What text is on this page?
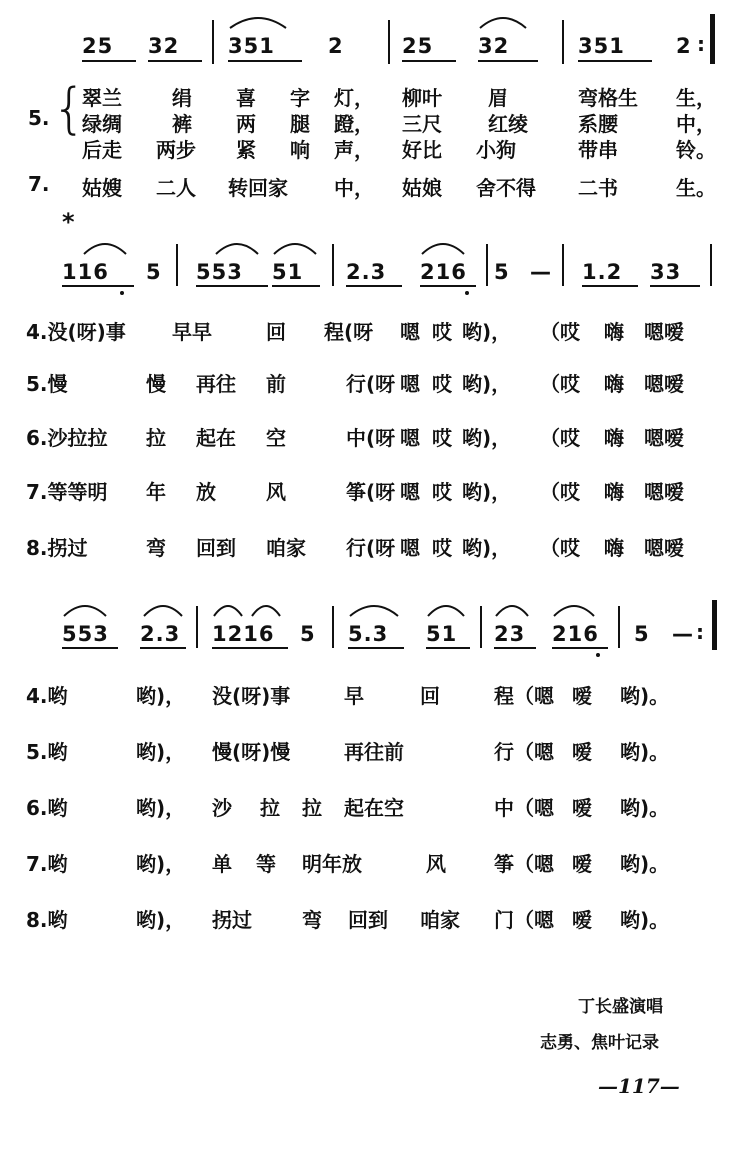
25 32 351	2	25 32	351 2 :
5. {
翠兰	绢 喜 字 灯， 柳叶 眉	弯格生 生，
绿绸	裤 两 腿 蹬， 三尺 红绫	系腰	中，
后走 两步 紧 响 声， 好比 小狗	带串	铃。
7. 姑嫂 二人 转回家 中， 姑娘 舍不得 二书	生。
*
116 5 553 51 2.3 216 5 — 1.2 33
4.没(呀)事 早早	回 程(呀 嗯 哎 哟)， （哎 嗨 嗯嗳
5.慢	慢 再往 前	行(呀 嗯 哎 哟)， （哎 嗨 嗯嗳
6.沙拉拉 拉 起在 空	中(呀 嗯 哎 哟)， （哎 嗨 嗯嗳
7.等等明 年 放	风	筝(呀 嗯 哎 哟)， （哎 嗨 嗯嗳
8.拐过	弯 回到 咱家 行(呀 嗯 哎 哟)， （哎 嗨 嗯嗳
553 2.3 1216 5 5.3 51 23 216 5 — :
4.哟	哟)， 没(呀)事	早	回	程（嗯 嗳 哟)。
5.哟	哟)， 慢(呀)慢	再往前	行（嗯 嗳 哟)。
6.哟	哟)， 沙 拉 拉 起在空	中（嗯 嗳 哟)。
7.哟	哟)， 单 等 明年放	风 筝（嗯 嗳 哟)。
8.哟	哟)， 拐过	弯 回到 咱家 门（嗯 嗳 哟)。
丁长盛演唱
志勇、焦叶记录
—117—
